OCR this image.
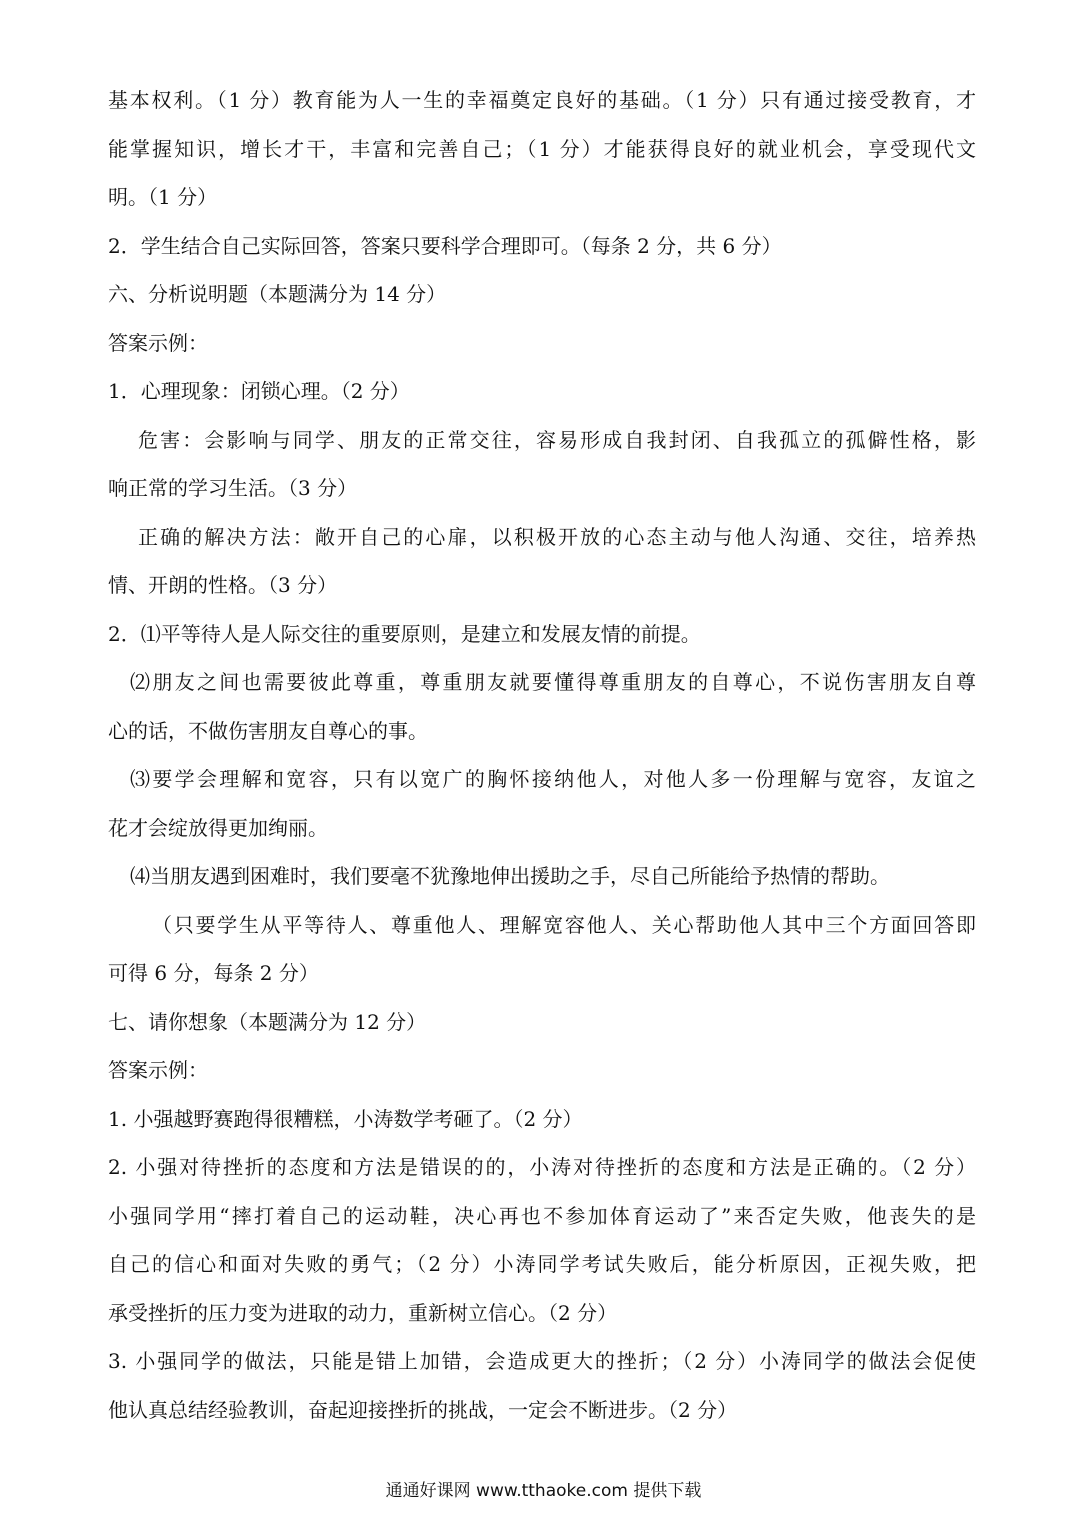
基本权利。（1 分）教育能为人一生的幸福奠定良好的基础。（1 分）只有通过接受教育，才
能掌握知识，增长才干，丰富和完善自己；（1 分）才能获得良好的就业机会，享受现代文
明。（1 分）
2．学生结合自己实际回答，答案只要科学合理即可。（每条 2 分，共 6 分）
六、分析说明题（本题满分为 14 分）
答案示例：
1．心理现象：闭锁心理。（2 分）
危害：会影响与同学、朋友的正常交往，容易形成自我封闭、自我孤立的孤僻性格，影
响正常的学习生活。（3 分）
正确的解决方法：敞开自己的心扉，以积极开放的心态主动与他人沟通、交往，培养热
情、开朗的性格。（3 分）
2．⑴平等待人是人际交往的重要原则，是建立和发展友情的前提。
⑵朋友之间也需要彼此尊重，尊重朋友就要懂得尊重朋友的自尊心，不说伤害朋友自尊
心的话，不做伤害朋友自尊心的事。
⑶要学会理解和宽容，只有以宽广的胸怀接纳他人，对他人多一份理解与宽容，友谊之
花才会绽放得更加绚丽。
⑷当朋友遇到困难时，我们要毫不犹豫地伸出援助之手，尽自己所能给予热情的帮助。
（只要学生从平等待人、尊重他人、理解宽容他人、关心帮助他人其中三个方面回答即
可得 6 分，每条 2 分）
七、请你想象（本题满分为 12 分）
答案示例：
1. 小强越野赛跑得很糟糕，小涛数学考砸了。（2 分）
2. 小强对待挫折的态度和方法是错误的的，小涛对待挫折的态度和方法是正确的。（2 分）
小强同学用“摔打着自己的运动鞋，决心再也不参加体育运动了”来否定失败，他丧失的是
自己的信心和面对失败的勇气；（2 分）小涛同学考试失败后，能分析原因，正视失败，把
承受挫折的压力变为进取的动力，重新树立信心。（2 分）
3. 小强同学的做法，只能是错上加错，会造成更大的挫折；（2 分）小涛同学的做法会促使
他认真总结经验教训，奋起迎接挫折的挑战，一定会不断进步。（2 分）
通通好课网 www.tthaoke.com 提供下载
